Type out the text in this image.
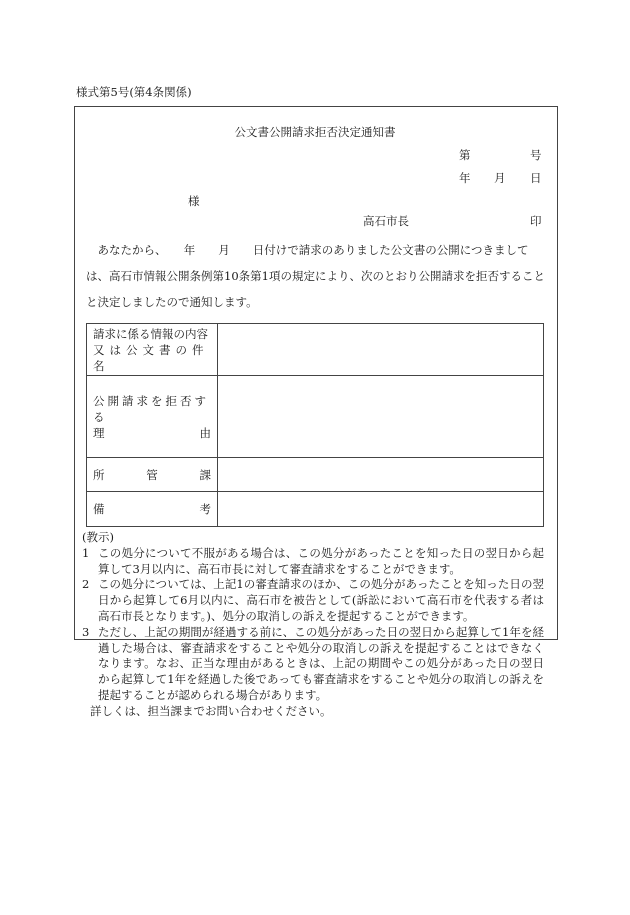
様式第5号(第4条関係)
公文書公開請求拒否決定通知書
第	号
年 月 日
様
高石市長	印
あなたから、　　年　　月　　日付けで請求のありました公文書の公開につきまして
は、高石市情報公開条例第10条第1項の規定により、次のとおり公開請求を拒否すること
と決定しましたので通知します。
請求に係る情報の内容
又は公文書の件名	

公開請求を拒否する
理 由	

所 管 課	

備 考	

(教示)
1 この処分について不服がある場合は、この処分があったことを知った日の翌日から起算して3月以内に、高石市長に対して審査請求をすることができます。
2 この処分については、上記1の審査請求のほか、この処分があったことを知った日の翌日から起算して6月以内に、高石市を被告として(訴訟において高石市を代表する者は高石市長となります。)、処分の取消しの訴えを提起することができます。
3 ただし、上記の期間が経過する前に、この処分があった日の翌日から起算して1年を経過した場合は、審査請求をすることや処分の取消しの訴えを提起することはできなくなります。なお、正当な理由があるときは、上記の期間やこの処分があった日の翌日から起算して1年を経過した後であっても審査請求をすることや処分の取消しの訴えを提起することが認められる場合があります。
詳しくは、担当課までお問い合わせください。
